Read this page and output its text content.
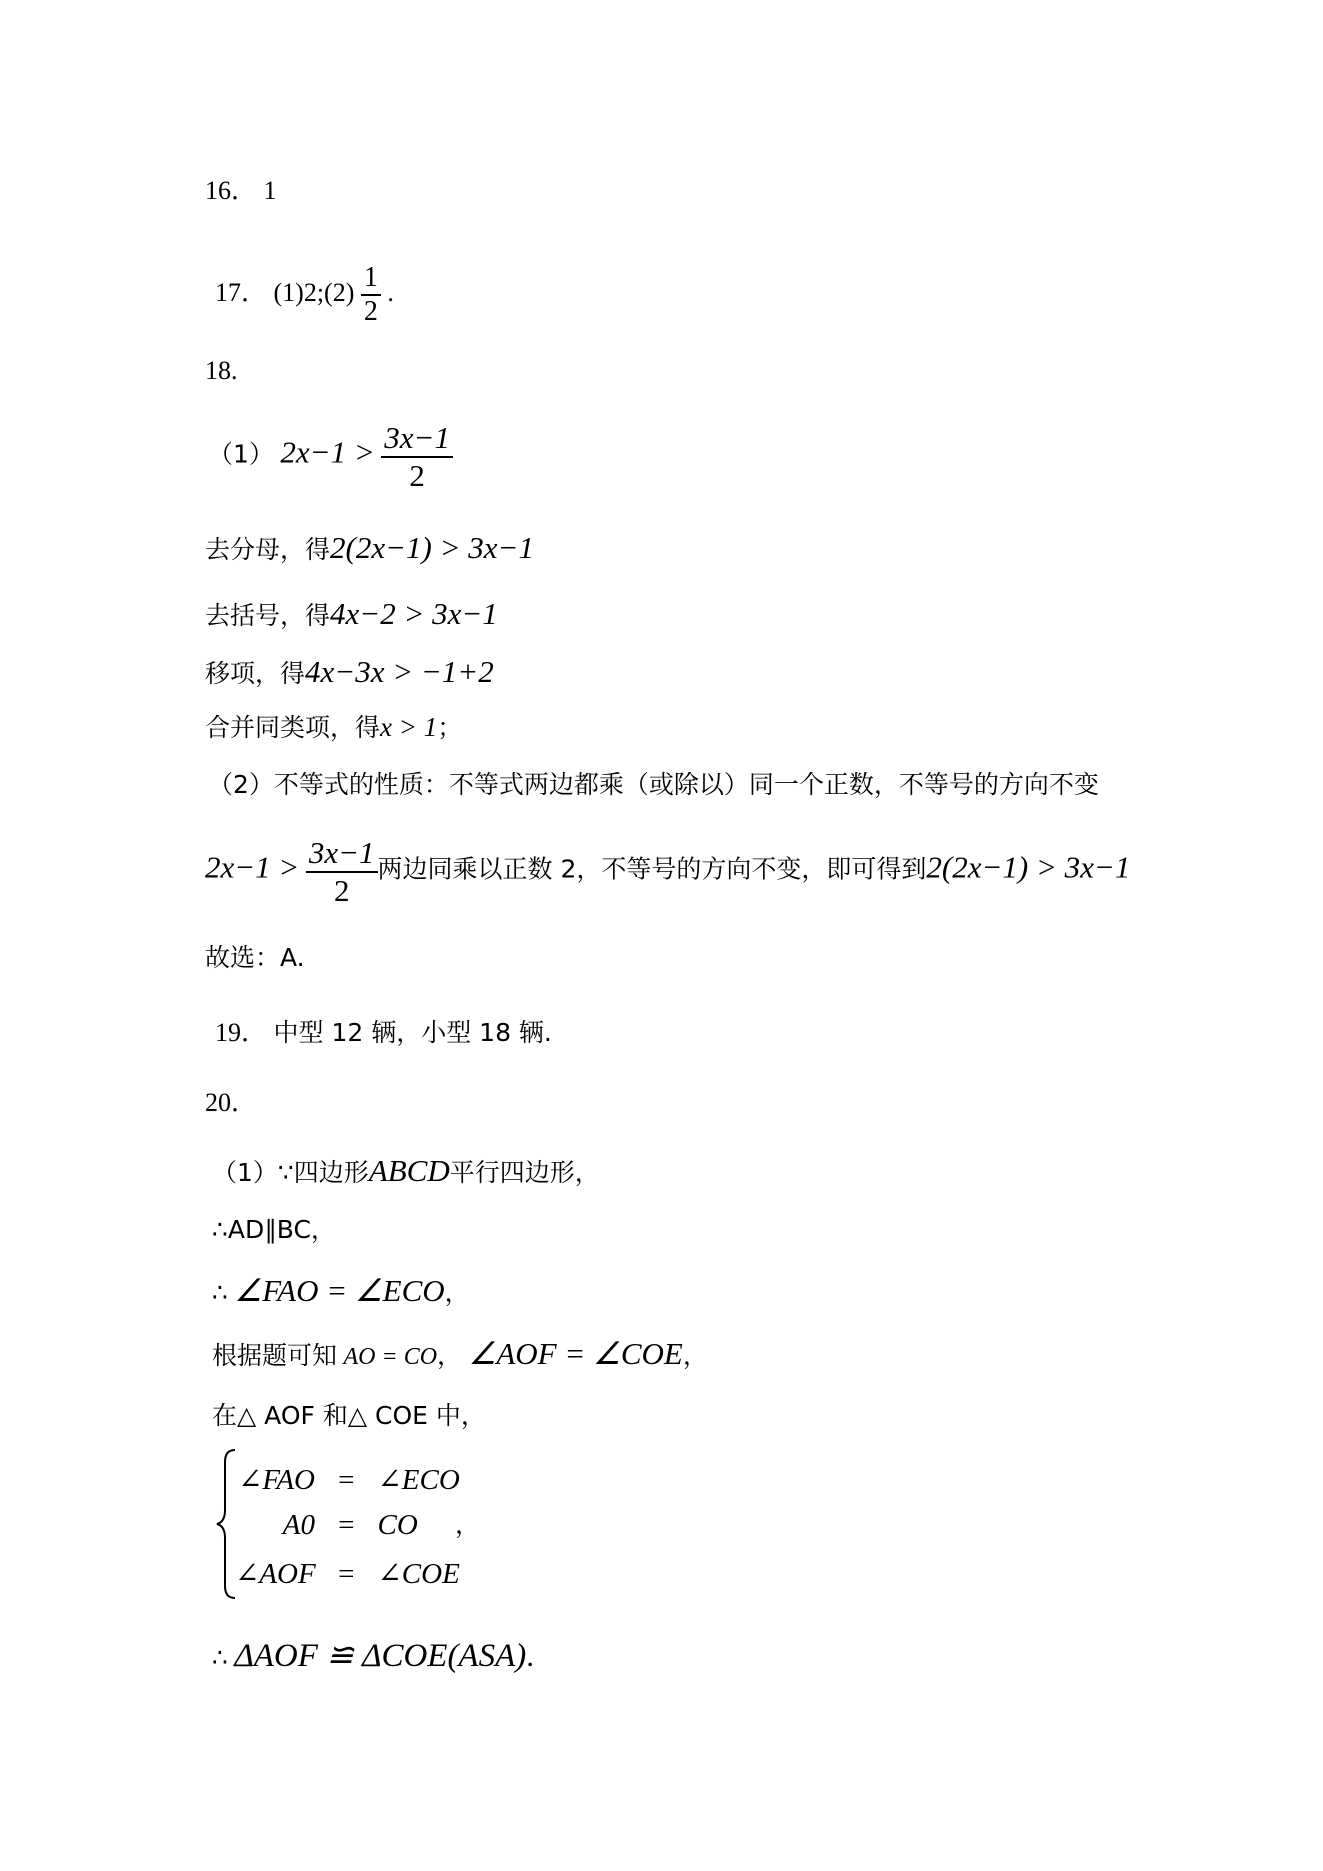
16． 1
17． (1)2;(2) $\frac{1}{2}$ .
18.
（1） $2x-1 > \frac{3x-1}{2}$
去分母，得2(2x−1) > 3x−1
去括号，得4x−2 > 3x−1
移项，得4x−3x > −1+2
合并同类项，得x > 1；
（2）不等式的性质：不等式两边都乘（或除以）同一个正数，不等号的方向不变
$2x-1 > \frac{3x-1}{2}$ 两边同乘以正数 2，不等号的方向不变，即可得到2(2x−1) > 3x−1
故选：A.
19． 中型 12 辆，小型 18 辆.
20．
（1）∵四边形ABCD平行四边形，
∴AD∥BC，
∴ ∠FAO = ∠ECO，
根据题可知 AO = CO， ∠AOF = ∠COE，
在△ AOF 和△ COE 中，
∠FAO = ∠ECO
A0 = CO
∠AOF = ∠COE
，
∴ ΔAOF ≌ ΔCOE(ASA).
